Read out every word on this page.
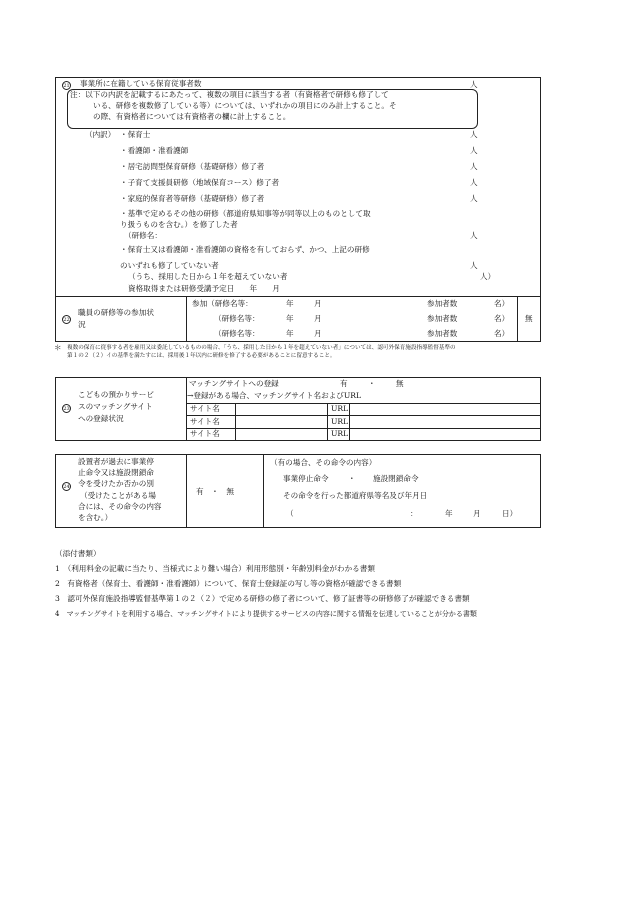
21 事業所に在籍している保育従事者数	人
注：以下の内訳を記載するにあたって、複数の項目に該当する者（有資格者で研修も修了して
いる、研修を複数修了している等）については、いずれかの項目にのみ計上すること。そ
の際、有資格者については有資格者の欄に計上すること。
（内訳） ・保育士	人
・看護師・准看護師	人
・居宅訪問型保育研修（基礎研修）修了者	人
・子育て支援員研修（地域保育コース）修了者	人
・家庭的保育者等研修（基礎研修）修了者	人
・基準で定めるその他の研修（都道府県知事等が同等以上のものとして取
り扱うものを含む。）を修了した者
（研修名：	人
・保育士又は看護師・准看護師の資格を有しておらず、かつ、上記の研修
のいずれも修了していない者	人
（うち、採用した日から１年を超えていない者	人）
資格取得または研修受講予定日　　年　　月
22
職員の研修等の参加状
況
参加（研修名等：	年	月	参加者数	名）
（研修名等：	年	月	参加者数	名）
（研修名等：	年	月	参加者数	名）
無
＊ 複数の保育に従事する者を雇用又は委託しているものの場合、「うち、採用した日から１年を超えていない者」については、認可外保育施設指導監督基準の
第１の２（２）イの基準を満たすには、採用後１年以内に研修を修了する必要があることに留意すること。
こどもの預かりサービ
23 スのマッチングサイト
への登録状況
マッチングサイトへの登録	有	・	無
→登録がある場合、マッチングサイト名およびURL
サイト名	URL
サイト名	URL
サイト名	URL
24
設置者が過去に事業停
止命令又は施設閉鎖命
令を受けたか否かの別
（受けたことがある場
合には、その命令の内容
を含む。）
有　・　無
（有の場合、その命令の内容）
事業停止命令	・ 施設閉鎖命令
その命令を行った都道府県等名及び年月日
（	：	年	月	日）
（添付書類）
1　（利用料金の記載に当たり、当様式により難い場合）利用形態別・年齢別料金がわかる書類
2　有資格者（保育士、看護師・准看護師）について、保育士登録証の写し等の資格が確認できる書類
3　認可外保育施設指導監督基準第１の２（２）で定める研修の修了者について、修了証書等の研修修了が確認できる書類
4　マッチングサイトを利用する場合、マッチングサイトにより提供するサービスの内容に関する情報を伝達していることが分かる書類
